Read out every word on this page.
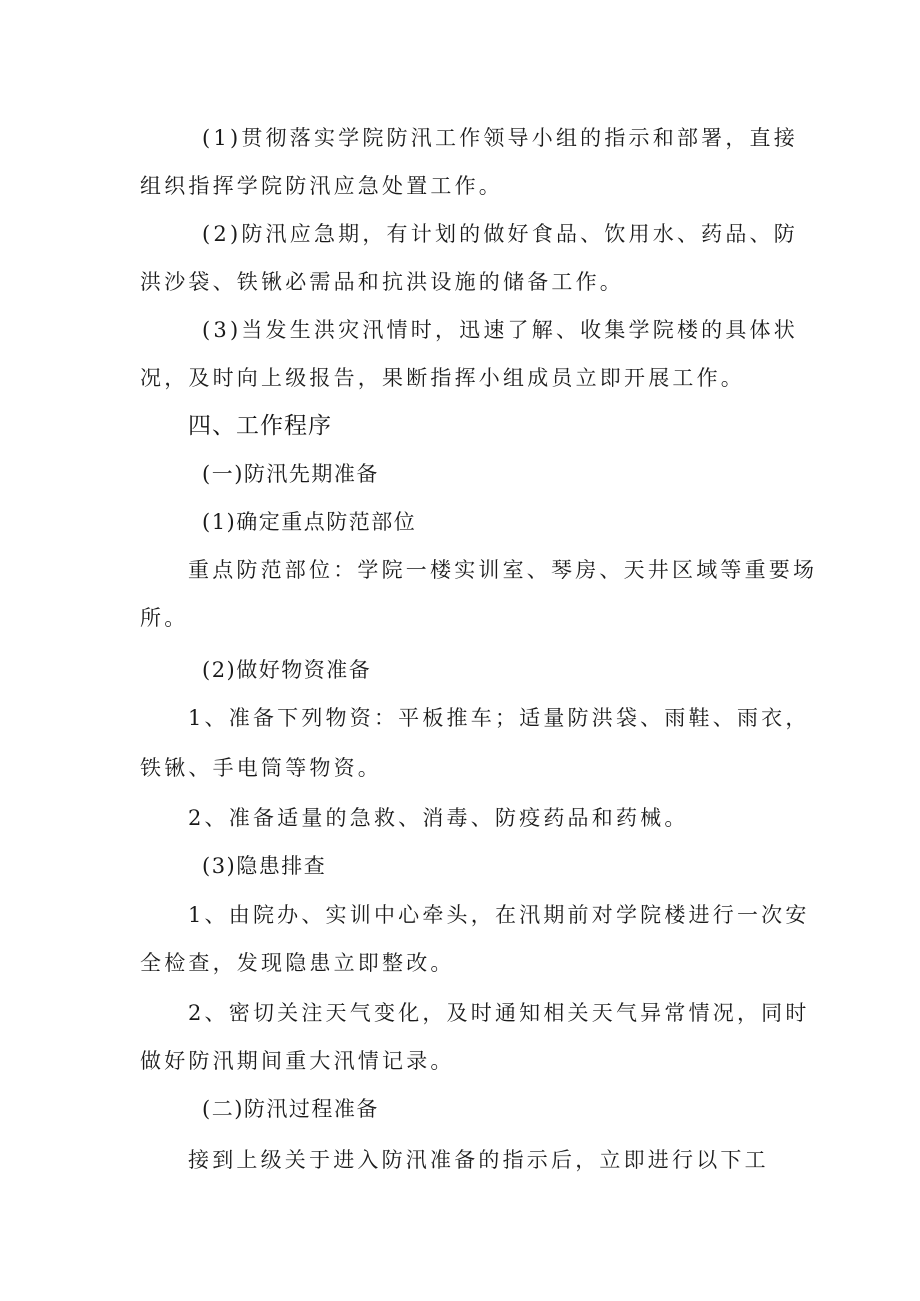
(1)贯彻落实学院防汛工作领导小组的指示和部署，直接
组织指挥学院防汛应急处置工作。
(2)防汛应急期，有计划的做好食品、饮用水、药品、防
洪沙袋、铁锹必需品和抗洪设施的储备工作。
(3)当发生洪灾汛情时，迅速了解、收集学院楼的具体状
况，及时向上级报告，果断指挥小组成员立即开展工作。
四、工作程序
(一)防汛先期准备
(1)确定重点防范部位
重点防范部位：学院一楼实训室、琴房、天井区域等重要场
所。
(2)做好物资准备
1、准备下列物资：平板推车；适量防洪袋、雨鞋、雨衣，
铁锹、手电筒等物资。
2、准备适量的急救、消毒、防疫药品和药械。
(3)隐患排查
1、由院办、实训中心牵头，在汛期前对学院楼进行一次安
全检查，发现隐患立即整改。
2、密切关注天气变化，及时通知相关天气异常情况，同时
做好防汛期间重大汛情记录。
(二)防汛过程准备
接到上级关于进入防汛准备的指示后，立即进行以下工
